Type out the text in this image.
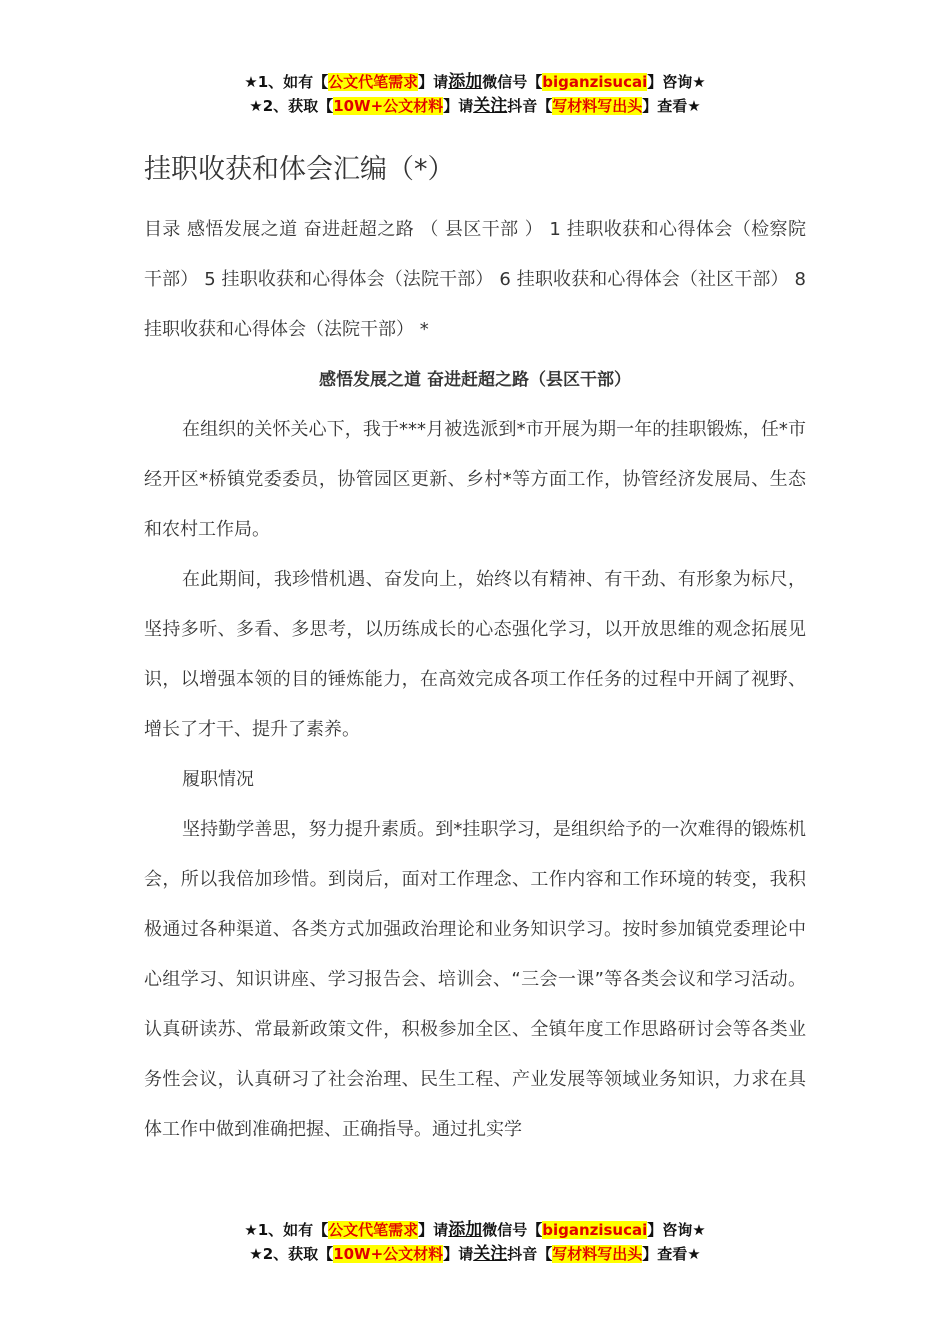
★1、如有【公文代笔需求】请添加微信号【biganzisucai】咨询★
★2、获取【10W+公文材料】请关注抖音【写材料写出头】查看★
挂职收获和体会汇编（*）

目录 感悟发展之道 奋进赶超之路 （ 县区干部 ） 1 挂职收获和心得体会（检察院干部） 5 挂职收获和心得体会（法院干部） 6 挂职收获和心得体会（社区干部） 8 挂职收获和心得体会（法院干部） *

感悟发展之道 奋进赶超之路（县区干部）

在组织的关怀关心下，我于***月被选派到*市开展为期一年的挂职锻炼，任*市经开区*桥镇党委委员，协管园区更新、乡村*等方面工作，协管经济发展局、生态和农村工作局。

在此期间，我珍惜机遇、奋发向上，始终以有精神、有干劲、有形象为标尺，坚持多听、多看、多思考，以历练成长的心态强化学习，以开放思维的观念拓展见识，以增强本领的目的锤炼能力，在高效完成各项工作任务的过程中开阔了视野、增长了才干、提升了素养。

履职情况

坚持勤学善思，努力提升素质。到*挂职学习，是组织给予的一次难得的锻炼机会，所以我倍加珍惜。到岗后，面对工作理念、工作内容和工作环境的转变，我积极通过各种渠道、各类方式加强政治理论和业务知识学习。按时参加镇党委理论中心组学习、知识讲座、学习报告会、培训会、“三会一课”等各类会议和学习活动。认真研读苏、常最新政策文件，积极参加全区、全镇年度工作思路研讨会等各类业务性会议，认真研习了社会治理、民生工程、产业发展等领域业务知识，力求在具体工作中做到准确把握、正确指导。通过扎实学

★1、如有【公文代笔需求】请添加微信号【biganzisucai】咨询★
★2、获取【10W+公文材料】请关注抖音【写材料写出头】查看★
